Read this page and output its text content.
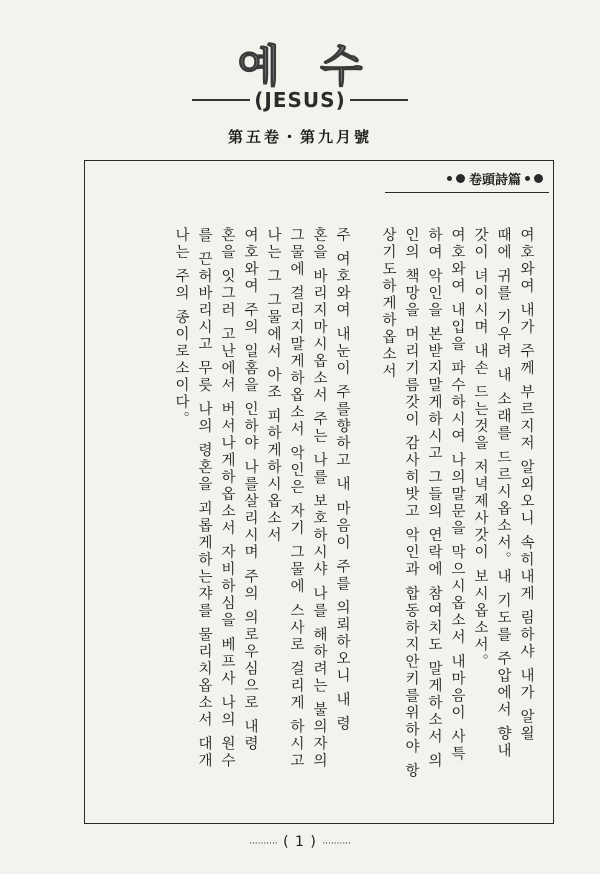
예수
(JESUS)
第五卷・第九月號
卷頭詩篇

여호와여 내가 주께 부르지저 알외오니 속히내게 림하샤 내가 알욀

때에 귀를 기우려 내 소래를 드르시옵소서。내 기도를 주압에서 향내

갓이 녀이시며 내손 드는것을 저녁제사갓이 보시옵소서。

여호와여 내입을 파수하시여 나의말문을 막으시옵소서 내마음이 사특

하여 악인을 본받지말게하시고 그들의 연락에 참여치도 말게하소서 의

인의 책망을 머리기름갓이 감사히밧고 악인과 합동하지안키를위하야 항

상기도하게하옵소서

주 여호와여 내눈이 주를향하고 내 마음이 주를 의뢰하오니 내 령

혼을 바리지마시옵소서 주는 나를 보호하시샤 나를 해하려는 불의자의

그물에 걸리지말게하옵소서 악인은 자기 그물에 스사로 걸리게 하시고

나는 그 그물에서 아조 피하게하시옵소서

여호와여 주의 일홈을 인하야 나를살리시며 주의 의로우심으로 내령

혼을 잇그러 고난에서 버서나게하옵소서 자비하심을 베프사 나의 원수

를 끈허바리시고 무릇 나의 령혼을 괴롭게하는쟈를 물리치옵소서 대개

나는 주의 종이로소이다。

·········· ( 1 ) ··········
